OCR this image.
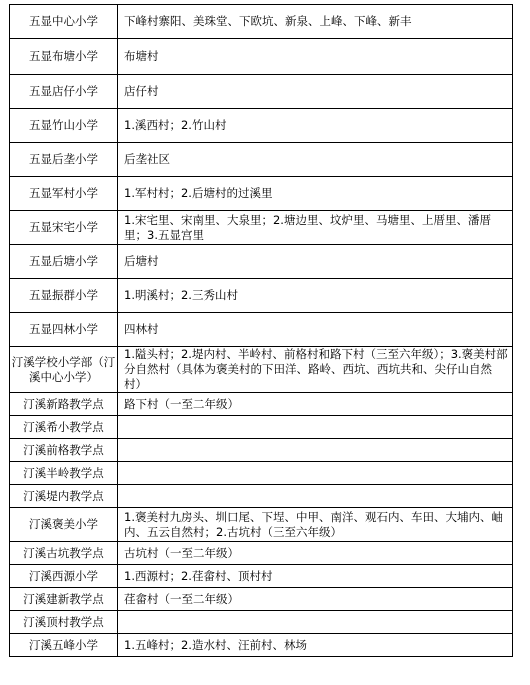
五显中心小学	下峰村寨阳、美珠堂、下欧坑、新泉、上峰、下峰、新丰
五显布塘小学	布塘村
五显店仔小学	店仔村
五显竹山小学	1.溪西村；2.竹山村
五显后垄小学	后垄社区
五显军村小学	1.军村村；2.后塘村的过溪里
五显宋宅小学	1.宋宅里、宋南里、大泉里；2.塘边里、坟炉里、马塘里、上厝里、潘厝里；3.五显宫里
五显后塘小学	后塘村
五显振群小学	1.明溪村；2.三秀山村
五显四林小学	四林村
汀溪学校小学部（汀溪中心小学）	1.隘头村；2.堤内村、半岭村、前格村和路下村（三至六年级）；3.褒美村部分自然村（具体为褒美村的下田洋、路岭、西坑、西坑共和、尖仔山自然村）
汀溪新路教学点	路下村（一至二年级）
汀溪希小教学点	
汀溪前格教学点	
汀溪半岭教学点	
汀溪堤内教学点	
汀溪褒美小学	1.褒美村九房头、圳口尾、下埕、中甲、南洋、观石内、车田、大埔内、岫内、五云自然村；2.古坑村（三至六年级）
汀溪古坑教学点	古坑村（一至二年级）
汀溪西源小学	1.西源村；2.荏畲村、顶村村
汀溪建新教学点	荏畲村（一至二年级）
汀溪顶村教学点	
汀溪五峰小学	1.五峰村；2.造水村、汪前村、林场
